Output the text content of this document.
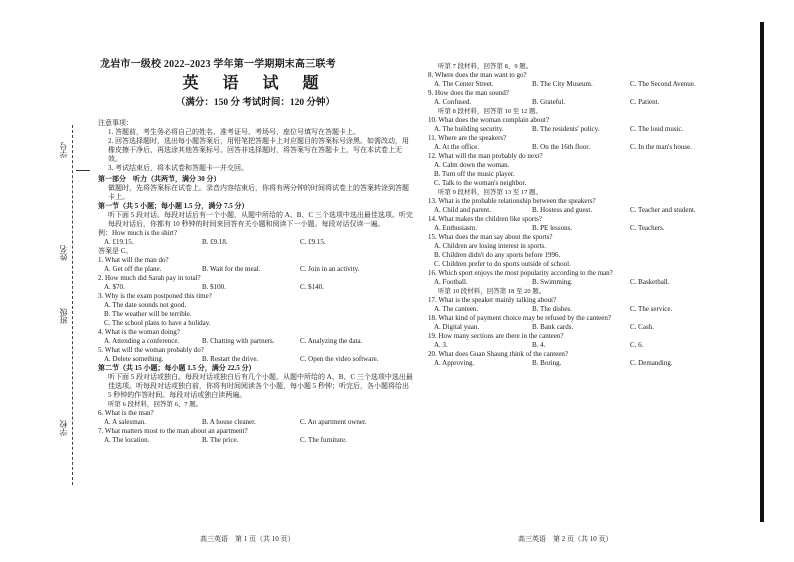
学号
姓名
班级
学校
龙岩市一级校 2022–2023 学年第一学期期末高三联考
英 语 试 题
（满分：150 分 考试时间：120 分钟）
注意事项：
1. 答题前，考生务必将自己的姓名、准考证号、考场号、座位号填写在答题卡上。
2. 回答选择题时，选出每小题答案后，用铅笔把答题卡上对应题目的答案标号涂黑。如需改动，用橡皮擦干净后，再选涂其他答案标号。回答非选择题时，将答案写在答题卡上，写在本试卷上无效。
3. 考试结束后，将本试卷和答题卡一并交回。
第一部分　听力（共两节，满分 30 分）
做题时，先将答案标在试卷上。录音内容结束后，你将有两分钟的时间将试卷上的答案转涂到答题卡上。
第一节（共 5 小题；每小题 1.5 分，满分 7.5 分）
听下面 5 段对话。每段对话后有一个小题，从题中所给的 A、B、C 三个选项中选出最佳选项。听完每段对话后，你都有 10 秒钟的时间来回答有关小题和阅读下一小题。每段对话仅读一遍。
例：How much is the shirt?
A. £19.15.	B. £9.18.	C. £9.15.
答案是 C。
1. What will the man do?
A. Get off the plane.	B. Wait for the meal.	C. Join in an activity.
2. How much did Sarah pay in total?
A. $70.	B. $100.	C. $140.
3. Why is the exam postponed this time?
A. The date sounds not good.
B. The weather will be terrible.
C. The school plans to have a holiday.
4. What is the woman doing?
A. Attending a conference.	B. Chatting with partners.	C. Analyzing the data.
5. What will the woman probably do?
A. Delete something.	B. Restart the drive.	C. Open the video software.
第二节（共 15 小题；每小题 1.5 分，满分 22.5 分）
听下面 5 段对话或独白。每段对话或独白后有几个小题，从题中所给的 A、B、C 三个选项中选出最佳选项。听每段对话或独白前，你将有时间阅读各个小题，每小题 5 秒钟；听完后，各小题将给出 5 秒钟的作答时间。每段对话或独白读两遍。
听第 6 段材料，回答第 6、7 题。
6. What is the man?
A. A salesman.	B. A house cleaner.	C. An apartment owner.
7. What matters most to the man about an apartment?
A. The location.	B. The price.	C. The furniture.
高三英语　第 1 页（共 10 页）
听第 7 段材料，回答第 8、9 题。
8. Where does the man want to go?
A. The Center Street.	B. The City Museum.	C. The Second Avenue.
9. How does the man sound?
A. Confused.	B. Grateful.	C. Patient.
听第 8 段材料，回答第 10 至 12 题。
10. What does the woman complain about?
A. The building security.	B. The residents' policy.	C. The loud music.
11. Where are the speakers?
A. At the office.	B. On the 16th floor.	C. In the man's house.
12. What will the man probably do next?
A. Calm down the woman.
B. Turn off the music player.
C. Talk to the woman's neighbor.
听第 9 段材料，回答第 13 至 17 题。
13. What is the probable relationship between the speakers?
A. Child and parent.	B. Hostess and guest.	C. Teacher and student.
14. What makes the children like sports?
A. Enthusiasm.	B. PE lessons.	C. Teachers.
15. What does the man say about the sports?
A. Children are losing interest in sports.
B. Children didn't do any sports before 1996.
C. Children prefer to do sports outside of school.
16. Which sport enjoys the most popularity according to the man?
A. Football.	B. Swimming.	C. Basketball.
听第 10 段材料，回答第 18 至 20 题。
17. What is the speaker mainly talking about?
A. The canteen.	B. The dishes.	C. The service.
18. What kind of payment choice may be refused by the canteen?
A. Digital yuan.	B. Bank cards.	C. Cash.
19. How many sections are there in the canteen?
A. 3.	B. 4.	C. 6.
20. What does Guan Shaung think of the canteen?
A. Approving.	B. Boring.	C. Demanding.
高三英语　第 2 页（共 10 页）
